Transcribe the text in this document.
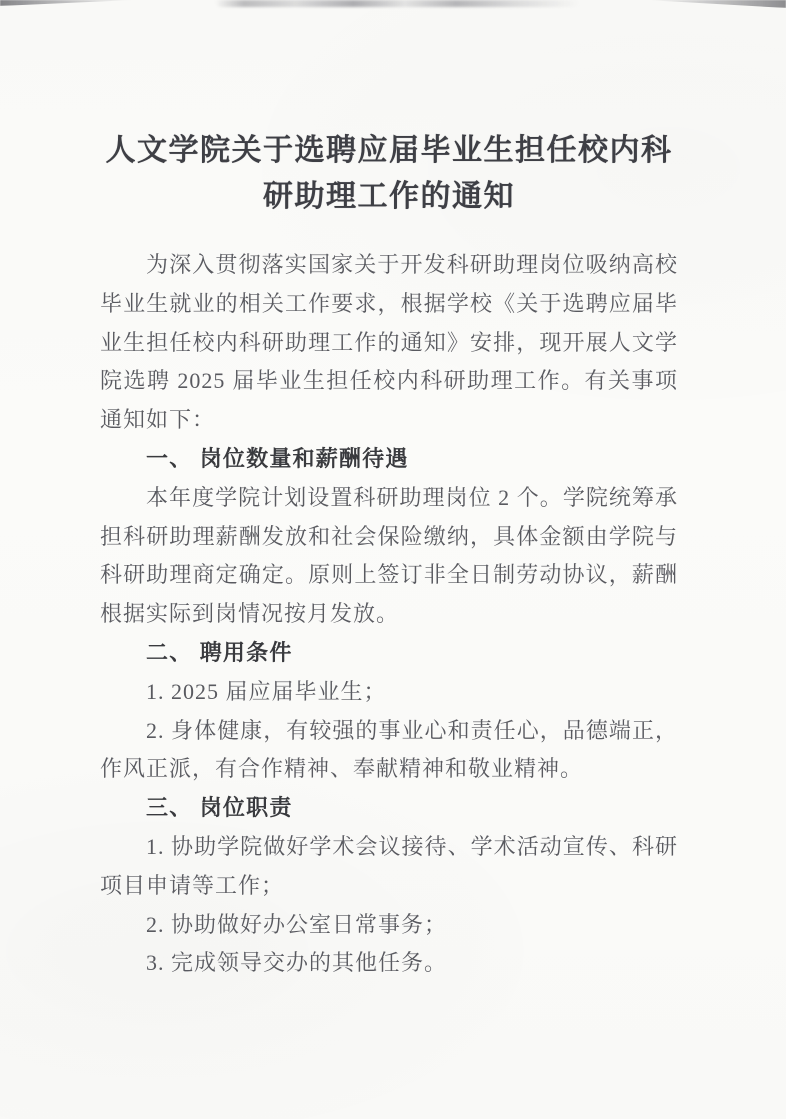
人文学院关于选聘应届毕业生担任校内科研助理工作的通知

为深入贯彻落实国家关于开发科研助理岗位吸纳高校毕业生就业的相关工作要求，根据学校《关于选聘应届毕业生担任校内科研助理工作的通知》安排，现开展人文学院选聘 2025 届毕业生担任校内科研助理工作。有关事项通知如下：

一、 岗位数量和薪酬待遇

本年度学院计划设置科研助理岗位 2 个。学院统筹承担科研助理薪酬发放和社会保险缴纳，具体金额由学院与科研助理商定确定。原则上签订非全日制劳动协议，薪酬根据实际到岗情况按月发放。

二、 聘用条件

1. 2025 届应届毕业生；

2. 身体健康，有较强的事业心和责任心，品德端正，作风正派，有合作精神、奉献精神和敬业精神。

三、 岗位职责

1. 协助学院做好学术会议接待、学术活动宣传、科研项目申请等工作；

2. 协助做好办公室日常事务；

3. 完成领导交办的其他任务。
